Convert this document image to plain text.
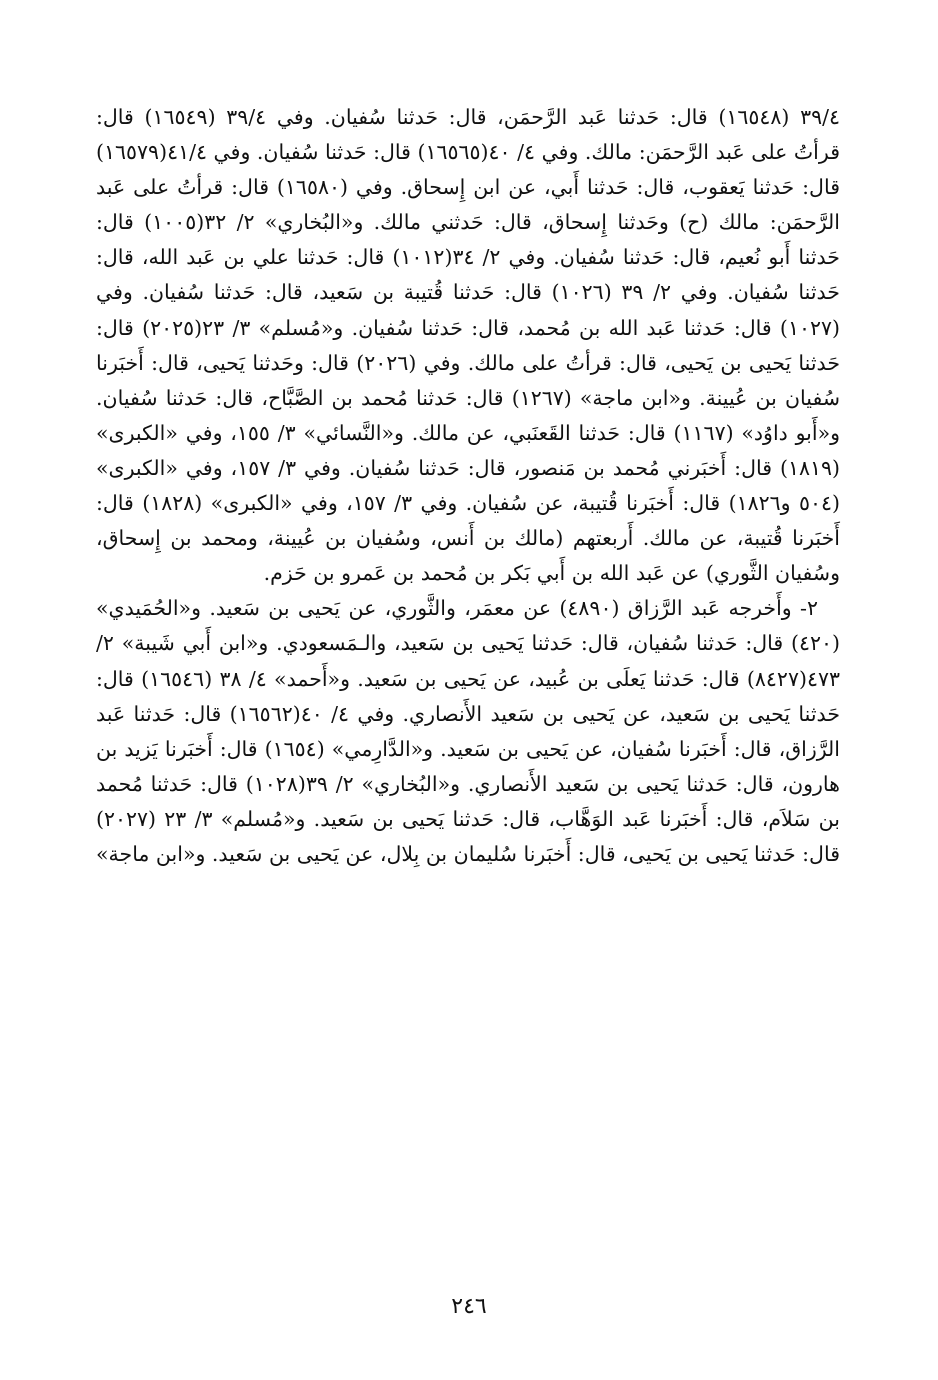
٣٩/٤ (١٦٥٤٨) قال: حَدثنا عَبد الرَّحمَن، قال: حَدثنا سُفيان. وفي ٣٩/٤ (١٦٥٤٩) قال: قرأتُ على عَبد الرَّحمَن: مالك. وفي ٤/ ٤٠(١٦٥٦٥) قال: حَدثنا سُفيان. وفي ٤١/٤(١٦٥٧٩) قال: حَدثنا يَعقوب، قال: حَدثنا أَبي، عن ابن إِسحاق. وفي (١٦٥٨٠) قال: قرأتُ على عَبد الرَّحمَن: مالك (ح) وحَدثنا إِسحاق، قال: حَدثني مالك. و«البُخاري» ٢/ ٣٢(١٠٠٥) قال: حَدثنا أَبو نُعيم، قال: حَدثنا سُفيان. وفي ٢/ ٣٤(١٠١٢) قال: حَدثنا علي بن عَبد الله، قال: حَدثنا سُفيان. وفي ٢/ ٣٩ (١٠٢٦) قال: حَدثنا قُتيبة بن سَعيد، قال: حَدثنا سُفيان. وفي (١٠٢٧) قال: حَدثنا عَبد الله بن مُحمد، قال: حَدثنا سُفيان. و«مُسلم» ٣/ ٢٣(٢٠٢٥) قال: حَدثنا يَحيى بن يَحيى، قال: قرأتُ على مالك. وفي (٢٠٢٦) قال: وحَدثنا يَحيى، قال: أَخبَرنا سُفيان بن عُيينة. و«ابن ماجة» (١٢٦٧) قال: حَدثنا مُحمد بن الصَّبَّاح، قال: حَدثنا سُفيان. و«أَبو داوُد» (١١٦٧) قال: حَدثنا القَعنَبي، عن مالك. و«النَّسائي» ٣/ ١٥٥، وفي «الكبرى» (١٨١٩) قال: أَخبَرني مُحمد بن مَنصور، قال: حَدثنا سُفيان. وفي ٣/ ١٥٧، وفي «الكبرى» (٥٠٤ و١٨٢٦) قال: أَخبَرنا قُتيبة، عن سُفيان. وفي ٣/ ١٥٧، وفي «الكبرى» (١٨٢٨) قال: أَخبَرنا قُتيبة، عن مالك. أَربعتهم (مالك بن أَنس، وسُفيان بن عُيينة، ومحمد بن إِسحاق، وسُفيان الثَّوري) عن عَبد الله بن أَبي بَكر بن مُحمد بن عَمرو بن حَزم.

٢- وأَخرجه عَبد الرَّزاق (٤٨٩٠) عن معمَر، والثَّوري، عن يَحيى بن سَعيد. و«الحُمَيدي» (٤٢٠) قال: حَدثنا سُفيان، قال: حَدثنا يَحيى بن سَعيد، والـمَسعودي. و«ابن أَبي شَيبة» ٢/ ٤٧٣(٨٤٢٧) قال: حَدثنا يَعلَى بن عُبيد، عن يَحيى بن سَعيد. و«أَحمد» ٤/ ٣٨ (١٦٥٤٦) قال: حَدثنا يَحيى بن سَعيد، عن يَحيى بن سَعيد الأَنصاري. وفي ٤/ ٤٠(١٦٥٦٢) قال: حَدثنا عَبد الرَّزاق، قال: أَخبَرنا سُفيان، عن يَحيى بن سَعيد. و«الدَّارِمي» (١٦٥٤) قال: أَخبَرنا يَزيد بن هارون، قال: حَدثنا يَحيى بن سَعيد الأَنصاري. و«البُخاري» ٢/ ٣٩(١٠٢٨) قال: حَدثنا مُحمد بن سَلاَم، قال: أَخبَرنا عَبد الوَهَّاب، قال: حَدثنا يَحيى بن سَعيد. و«مُسلم» ٣/ ٢٣ (٢٠٢٧) قال: حَدثنا يَحيى بن يَحيى، قال: أَخبَرنا سُليمان بن بِلال، عن يَحيى بن سَعيد. و«ابن ماجة»

٢٤٦
